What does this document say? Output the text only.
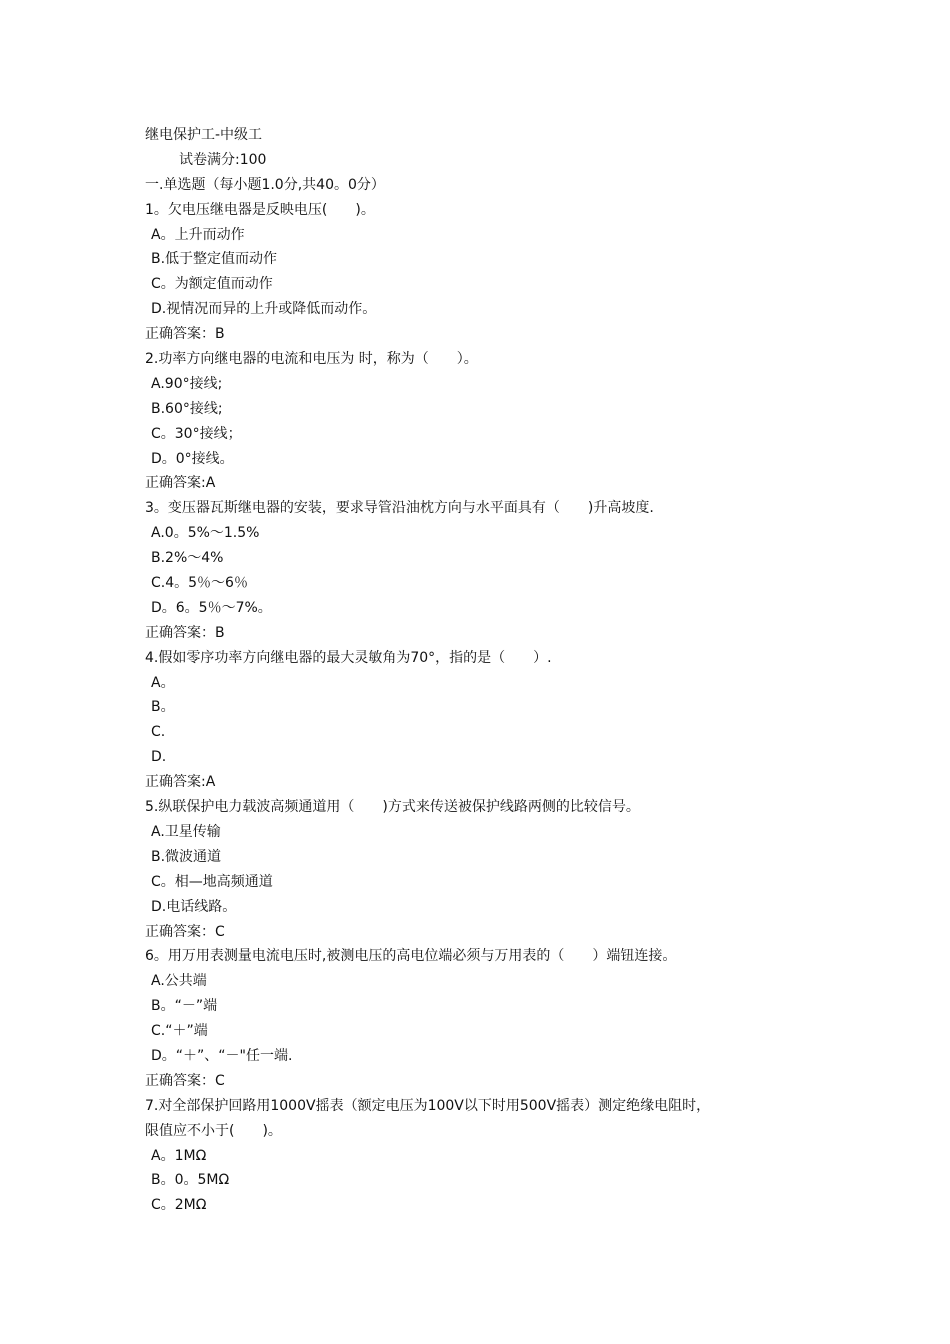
继电保护工-中级工
试卷满分:100
一.单选题（每小题1.0分,共40。0分）
1。欠电压继电器是反映电压(　　)。
A。上升而动作
B.低于整定值而动作
C。为额定值而动作
D.视情况而异的上升或降低而动作。
正确答案：B
2.功率方向继电器的电流和电压为 时，称为（　　）。
A.90°接线;
B.60°接线;
C。30°接线；
D。0°接线。
正确答案:A
3。变压器瓦斯继电器的安装，要求导管沿油枕方向与水平面具有（　　)升高坡度.
A.0。5%～1.5%
B.2%～4%
C.4。5％～6％
D。6。5％～7%。
正确答案：B
4.假如零序功率方向继电器的最大灵敏角为70°，指的是（　　）.
A。
B。
C.
D.
正确答案:A
5.纵联保护电力载波高频通道用（　　)方式来传送被保护线路两侧的比较信号。
A.卫星传输
B.微波通道
C。相—地高频通道
D.电话线路。
正确答案：C
6。用万用表测量电流电压时,被测电压的高电位端必须与万用表的（　　）端钮连接。
A.公共端
B。“－”端
C.“＋”端
D。“＋”、“－"任一端.
正确答案：C
7.对全部保护回路用1000V摇表（额定电压为100V以下时用500V摇表）测定绝缘电阻时，
限值应不小于(　　)。
A。1MΩ
B。0。5MΩ
C。2MΩ
